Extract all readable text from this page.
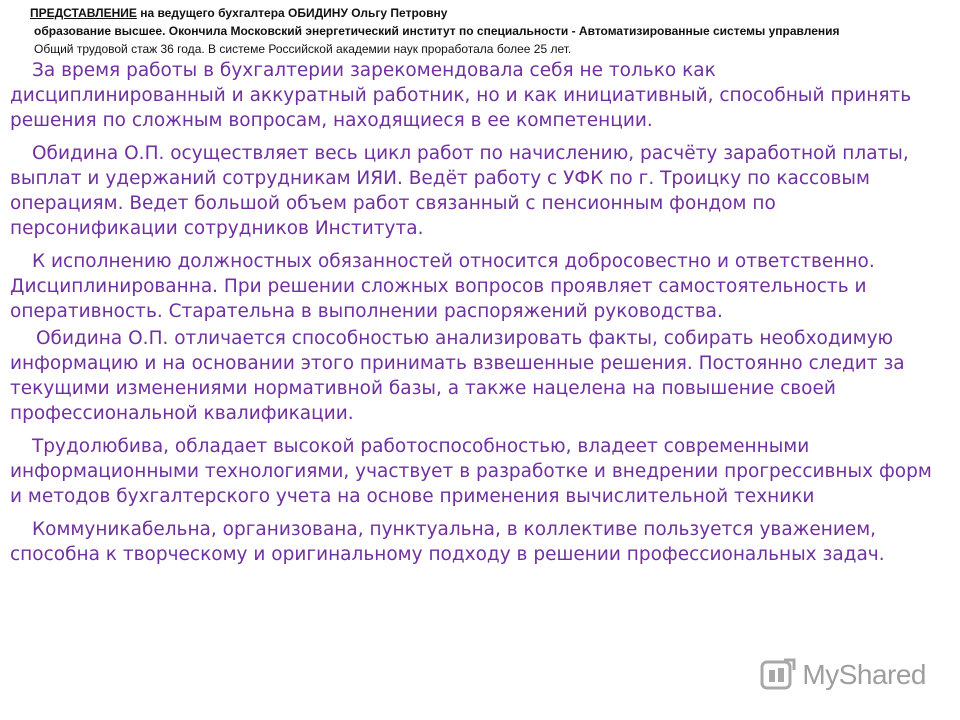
ПРЕДСТАВЛЕНИЕ на ведущего бухгалтера ОБИДИНУ Ольгу Петровну
образование высшее. Окончила Московский энергетический институт по специальности - Автоматизированные системы управления
Общий трудовой стаж 36 года. В системе Российской академии наук проработала более 25 лет.

За время работы в бухгалтерии зарекомендовала себя не только как дисциплинированный и аккуратный работник, но и как инициативный, способный принять решения по сложным вопросам, находящиеся в ее компетенции.

Обидина О.П. осуществляет весь цикл работ по начислению, расчёту заработной платы, выплат и удержаний сотрудникам ИЯИ. Ведёт работу с УФК по г. Троицку по кассовым операциям. Ведет большой объем работ связанный с пенсионным фондом по персонификации сотрудников Института.

К исполнению должностных обязанностей относится добросовестно и ответственно. Дисциплинированна. При решении сложных вопросов проявляет самостоятельность и оперативность. Старательна в выполнении распоряжений руководства.

Обидина О.П. отличается способностью анализировать факты, собирать необходимую информацию и на основании этого принимать взвешенные решения. Постоянно следит за текущими изменениями нормативной базы, а также нацелена на повышение своей профессиональной квалификации.

Трудолюбива, обладает высокой работоспособностью, владеет современными информационными технологиями, участвует в разработке и внедрении прогрессивных форм и методов бухгалтерского учета на основе применения вычислительной техники

Коммуникабельна, организована, пунктуальна, в коллективе пользуется уважением, способна к творческому и оригинальному подходу в решении профессиональных задач.

MyShared
